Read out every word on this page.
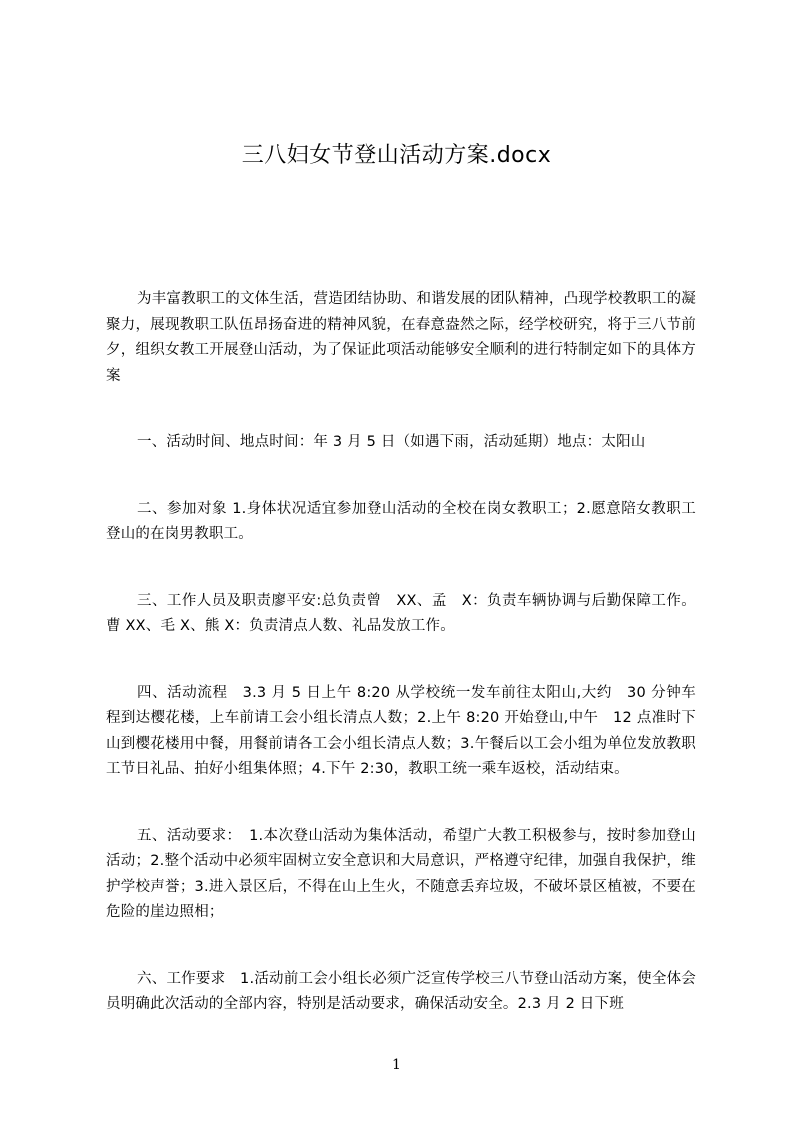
三八妇女节登山活动方案.docx

为丰富教职工的文体生活，营造团结协助、和谐发展的团队精神，凸现学校教职工的凝聚力，展现教职工队伍昂扬奋进的精神风貌，在春意盎然之际，经学校研究，将于三八节前夕，组织女教工开展登山活动，为了保证此项活动能够安全顺利的进行特制定如下的具体方案

一、活动时间、地点时间：年 3 月 5 日（如遇下雨，活动延期）地点：太阳山

二、参加对象 1.身体状况适宜参加登山活动的全校在岗女教职工；2.愿意陪女教职工登山的在岗男教职工。

三、工作人员及职责廖平安:总负责曾　XX、孟　X：负责车辆协调与后勤保障工作。曹 XX、毛 X、熊 X：负责清点人数、礼品发放工作。

四、活动流程　3.3 月 5 日上午 8:20 从学校统一发车前往太阳山,大约　30 分钟车程到达樱花楼，上车前请工会小组长清点人数；2.上午 8:20 开始登山,中午　12 点准时下山到樱花楼用中餐，用餐前请各工会小组长清点人数；3.午餐后以工会小组为单位发放教职工节日礼品、拍好小组集体照；4.下午 2:30，教职工统一乘车返校，活动结束。

五、活动要求：　1.本次登山活动为集体活动，希望广大教工积极参与，按时参加登山活动；2.整个活动中必须牢固树立安全意识和大局意识，严格遵守纪律，加强自我保护，维护学校声誉；3.进入景区后，不得在山上生火，不随意丢弃垃圾，不破坏景区植被，不要在危险的崖边照相；

六、工作要求　1.活动前工会小组长必须广泛宣传学校三八节登山活动方案，使全体会员明确此次活动的全部内容，特别是活动要求，确保活动安全。2.3 月 2 日下班

1
